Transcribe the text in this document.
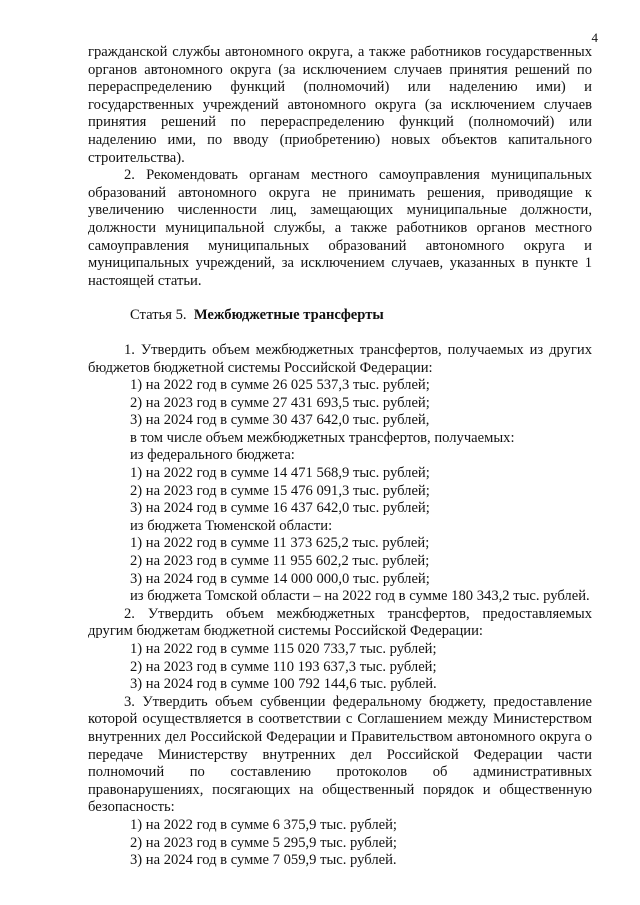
4

гражданской службы автономного округа, а также работников государственных органов автономного округа (за исключением случаев принятия решений по перераспределению функций (полномочий) или наделению ими) и государственных учреждений автономного округа (за исключением случаев принятия решений по перераспределению функций (полномочий) или наделению ими, по вводу (приобретению) новых объектов капитального строительства).

2. Рекомендовать органам местного самоуправления муниципальных образований автономного округа не принимать решения, приводящие к увеличению численности лиц, замещающих муниципальные должности, должности муниципальной службы, а также работников органов местного самоуправления муниципальных образований автономного округа и муниципальных учреждений, за исключением случаев, указанных в пункте 1 настоящей статьи.

Статья 5. Межбюджетные трансферты

1. Утвердить объем межбюджетных трансфертов, получаемых из других бюджетов бюджетной системы Российской Федерации:

1) на 2022 год в сумме 26 025 537,3 тыс. рублей;

2) на 2023 год в сумме 27 431 693,5 тыс. рублей;

3) на 2024 год в сумме 30 437 642,0 тыс. рублей,

в том числе объем межбюджетных трансфертов, получаемых:

из федерального бюджета:

1) на 2022 год в сумме 14 471 568,9 тыс. рублей;

2) на 2023 год в сумме 15 476 091,3 тыс. рублей;

3) на 2024 год в сумме 16 437 642,0 тыс. рублей;

из бюджета Тюменской области:

1) на 2022 год в сумме 11 373 625,2 тыс. рублей;

2) на 2023 год в сумме 11 955 602,2 тыс. рублей;

3) на 2024 год в сумме 14 000 000,0 тыс. рублей;

из бюджета Томской области – на 2022 год в сумме 180 343,2 тыс. рублей.

2. Утвердить объем межбюджетных трансфертов, предоставляемых другим бюджетам бюджетной системы Российской Федерации:

1) на 2022 год в сумме 115 020 733,7 тыс. рублей;

2) на 2023 год в сумме 110 193 637,3 тыс. рублей;

3) на 2024 год в сумме 100 792 144,6 тыс. рублей.

3. Утвердить объем субвенции федеральному бюджету, предоставление которой осуществляется в соответствии с Соглашением между Министерством внутренних дел Российской Федерации и Правительством автономного округа о передаче Министерству внутренних дел Российской Федерации части полномочий по составлению протоколов об административных правонарушениях, посягающих на общественный порядок и общественную безопасность:

1) на 2022 год в сумме 6 375,9 тыс. рублей;

2) на 2023 год в сумме 5 295,9 тыс. рублей;

3) на 2024 год в сумме 7 059,9 тыс. рублей.
